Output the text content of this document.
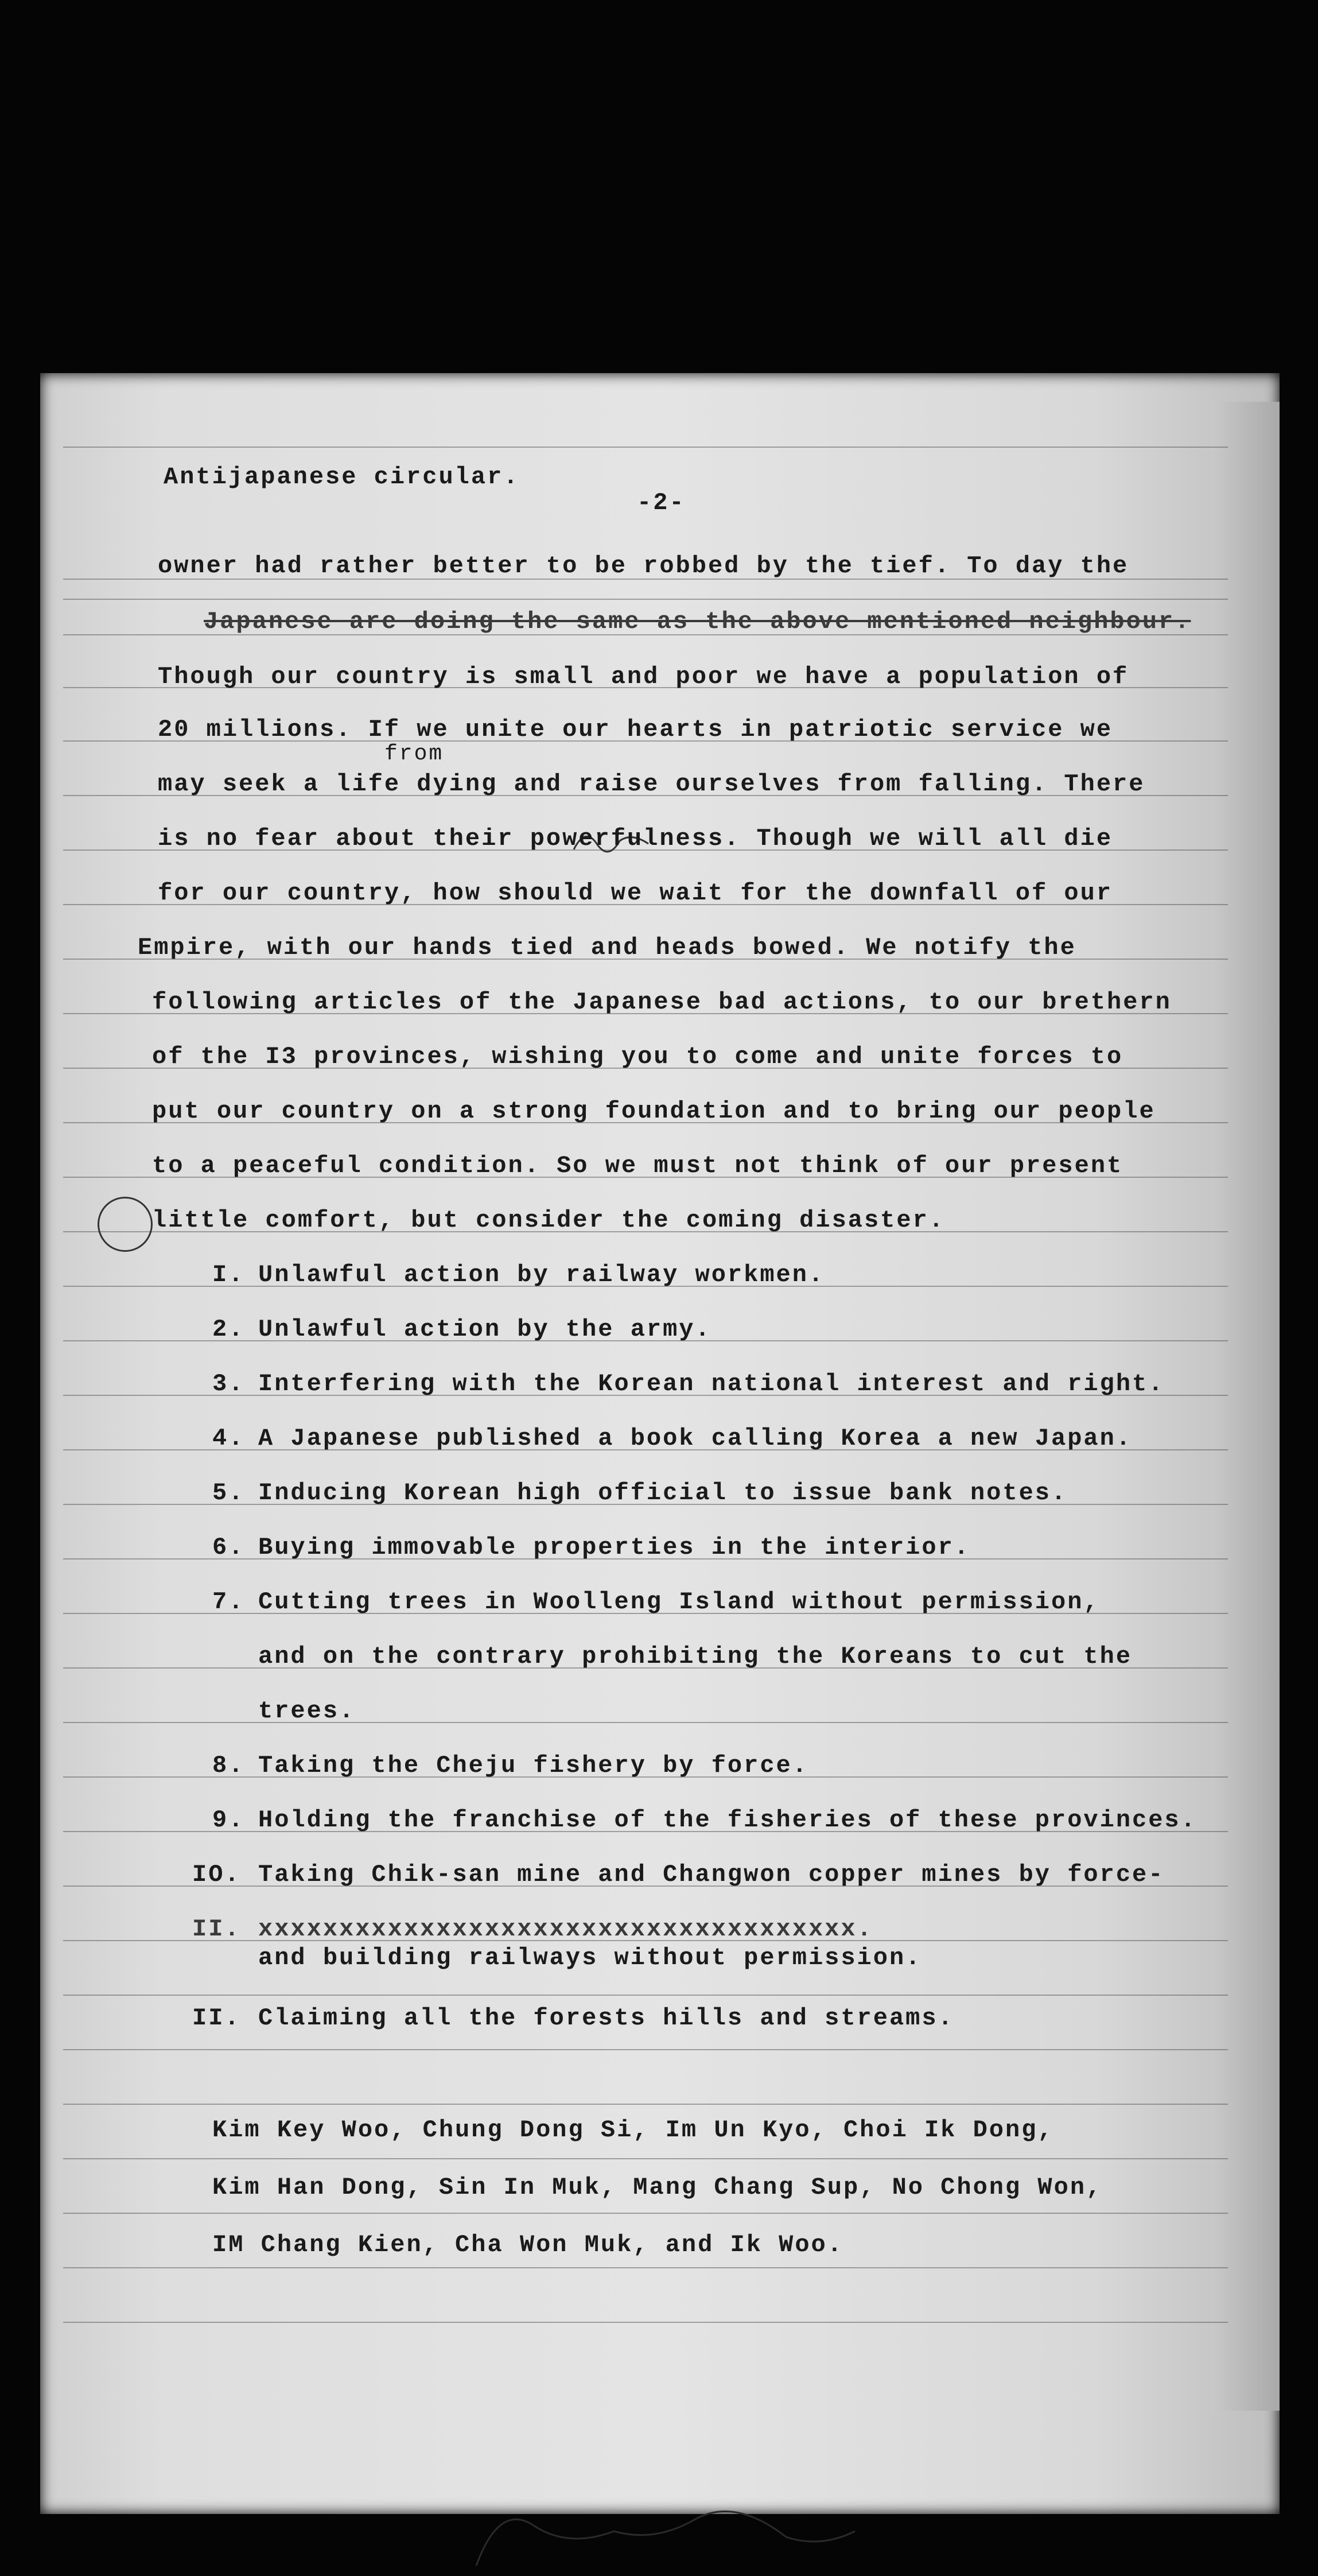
Antijapanese circular.
-2-
owner had rather better to be robbed by the tief. To day the
Japanese are doing the same as the above mentioned neighbour.
Though our country is small and poor we have a population of
20 millions. If we unite our hearts in patriotic service we
from
may seek a life dying and raise ourselves from falling. There
is no fear about their powerfulness. Though we will all die
for our country, how should we wait for the downfall of our
Empire, with our hands tied and heads bowed. We notify the
following articles of the Japanese bad actions, to our brethern
of the I3 provinces, wishing you to come and unite forces to
put our country on a strong foundation and to bring our people
to a peaceful condition. So we must not think of our present
little comfort, but consider the coming disaster.
I. Unlawful action by railway workmen.
2. Unlawful action by the army.
3. Interfering with the Korean national interest and right.
4. A Japanese published a book calling Korea a new Japan.
5. Inducing Korean high official to issue bank notes.
6. Buying immovable properties in the interior.
7. Cutting trees in Woolleng Island without permission,
and on the contrary prohibiting the Koreans to cut the
trees.
8. Taking the Cheju fishery by force.
9. Holding the franchise of the fisheries of these provinces.
IO. Taking Chik-san mine and Changwon copper mines by force-
II. xxxxxxxxxxxxxxxxxxxxxxxxxxxxxxxxxxxxx.
and building railways without permission.
II. Claiming all the forests hills and streams.
Kim Key Woo, Chung Dong Si, Im Un Kyo, Choi Ik Dong,
Kim Han Dong, Sin In Muk, Mang Chang Sup, No Chong Won,
IM Chang Kien, Cha Won Muk, and Ik Woo.
